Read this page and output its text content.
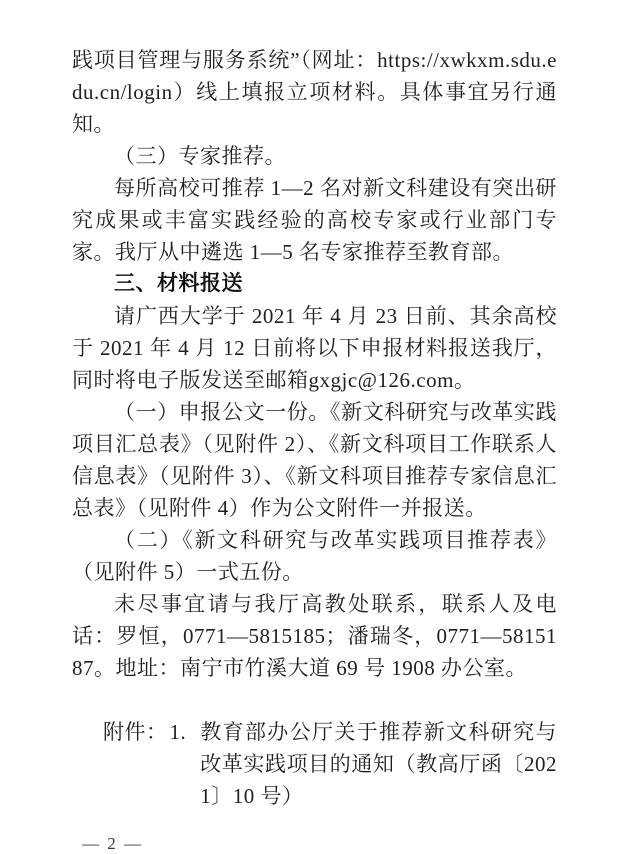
践项目管理与服务系统”（网址：https://xwkxm.sdu.edu.cn/login）线上填报立项材料。具体事宜另行通知。

（三）专家推荐。

每所高校可推荐 1—2 名对新文科建设有突出研究成果或丰富实践经验的高校专家或行业部门专家。我厅从中遴选 1—5 名专家推荐至教育部。

三、材料报送

请广西大学于 2021 年 4 月 23 日前、其余高校于 2021 年 4 月 12 日前将以下申报材料报送我厅，同时将电子版发送至邮箱gxgjc@126.com。

（一）申报公文一份。《新文科研究与改革实践项目汇总表》（见附件 2）、《新文科项目工作联系人信息表》（见附件 3）、《新文科项目推荐专家信息汇总表》（见附件 4）作为公文附件一并报送。

（二）《新文科研究与改革实践项目推荐表》（见附件 5）一式五份。

未尽事宜请与我厅高教处联系，联系人及电话：罗恒，0771—5815185；潘瑞冬，0771—5815187。地址：南宁市竹溪大道 69 号 1908 办公室。

附件： 1. 教育部办公厅关于推荐新文科研究与改革实践项目的通知（教高厅函〔2021〕10 号）
— 2 —
